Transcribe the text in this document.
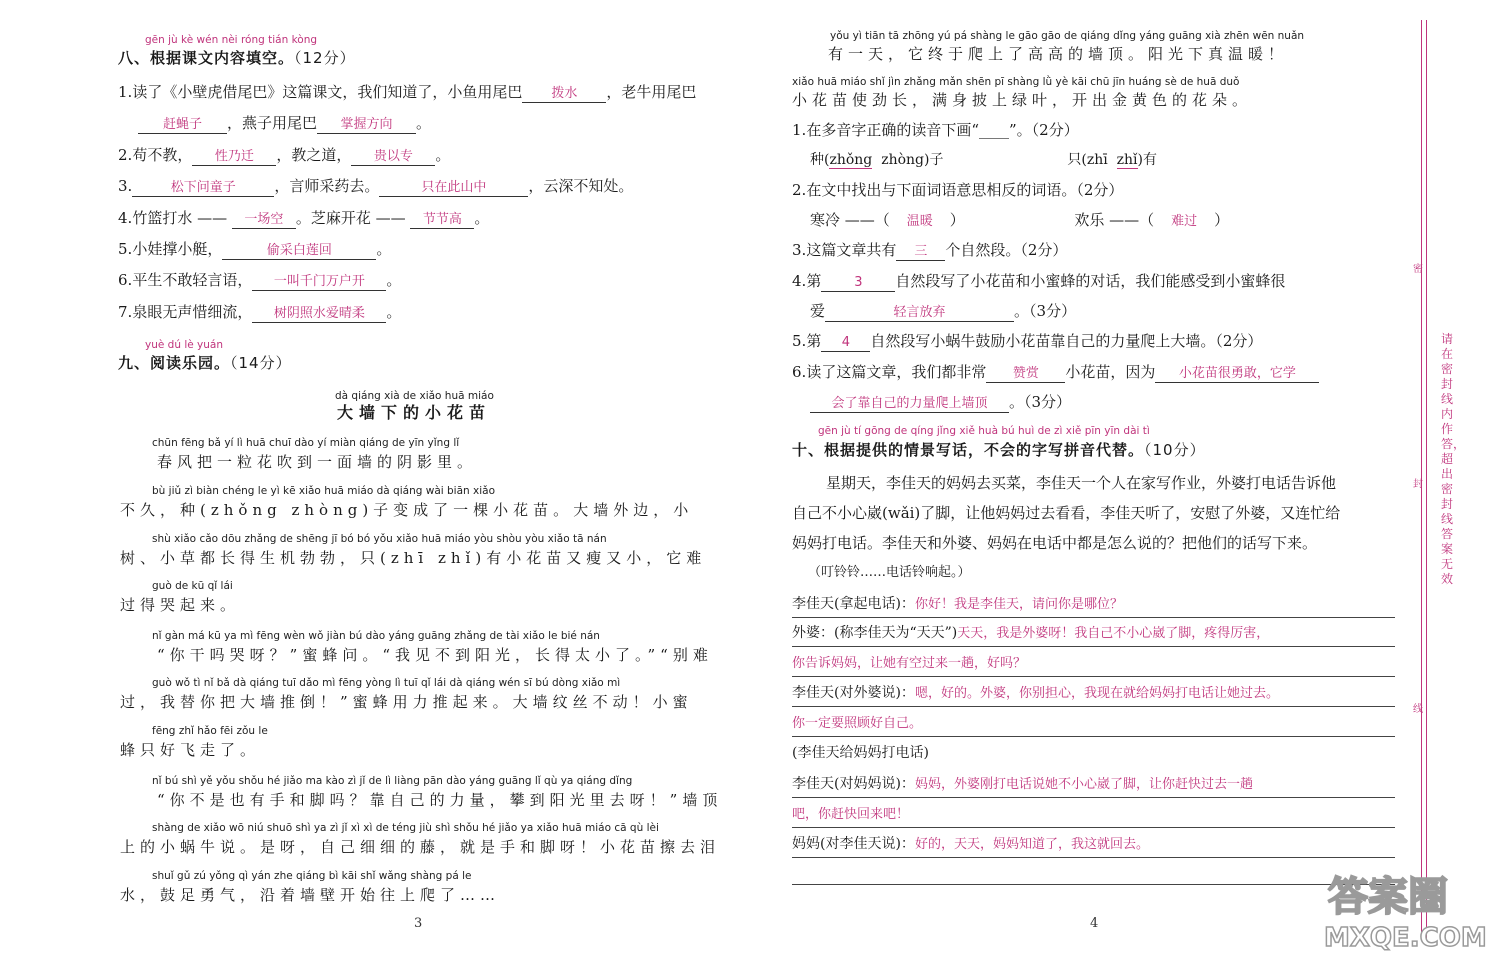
gēn jù kè wén nèi róng tián kòng
八、根据课文内容填空。（12分）
1.读了《小壁虎借尾巴》这篇课文，我们知道了，小鱼用尾巴 拨水 ，老牛用尾巴
赶蝇子 ，燕子用尾巴 掌握方向 。
2.苟不教， 性乃迁 ，教之道， 贵以专 。
3.	松下问童子	，言师采药去。	只在此山中	，云深不知处。
4.竹篮打水 —— 一场空 。芝麻开花 —— 节节高 。
5.小娃撑小艇，	偷采白莲回	。
6.平生不敢轻言语， 一叫千门万户开 。
7.泉眼无声惜细流， 树阴照水爱晴柔 。
yuè dú lè yuán
九、阅读乐园。（14分）
dà qiáng xià de xiǎo huā miáo
大墙下的小花苗
chūn fēng bǎ yí lì huā chuī dào yí miàn qiáng de yīn yǐng lǐ
春风把一粒花吹到一面墙的阴影里。
bù jiǔ zì biàn chéng le yì kē xiǎo huā miáo dà qiáng wài biān xiǎo
不久，种(zhǒng zhòng)子变成了一棵小花苗。大墙外边，小
shù xiǎo cǎo dōu zhǎng de shēng jī bó bó yǒu xiǎo huā miáo yòu shòu yòu xiǎo tā nán
树、小草都长得生机勃勃，只(zhī zhǐ)有小花苗又瘦又小，它难
guò de kū qǐ lái
过得哭起来。
nǐ gàn má kū ya mì fēng wèn wǒ jiàn bú dào yáng guāng zhǎng de tài xiǎo le bié nán
“你干吗哭呀？”蜜蜂问。“我见不到阳光，长得太小了。”“别难
guò wǒ tì nǐ bǎ dà qiáng tuī dǎo mì fēng yòng lì tuī qǐ lái dà qiáng wén sī bú dòng xiǎo mì
过，我替你把大墙推倒！”蜜蜂用力推起来。大墙纹丝不动！小蜜
fēng zhǐ hǎo fēi zǒu le
蜂只好飞走了。
nǐ bú shì yě yǒu shǒu hé jiǎo ma kào zì jǐ de lì liàng pān dào yáng guāng lǐ qù ya qiáng dǐng
“你不是也有手和脚吗？靠自己的力量，攀到阳光里去呀！”墙顶
shàng de xiǎo wō niú shuō shì ya zì jǐ xì xì de téng jiù shì shǒu hé jiǎo ya xiǎo huā miáo cā qù lèi
上的小蜗牛说。是呀，自己细细的藤，就是手和脚呀！小花苗擦去泪
shuǐ gǔ zú yǒng qì yán zhe qiáng bì kāi shǐ wǎng shàng pá le
水，鼓足勇气，沿着墙壁开始往上爬了……
3
yǒu yì tiān tā zhōng yú pá shàng le gāo gāo de qiáng dǐng yáng guāng xià zhēn wēn nuǎn
有一天，它终于爬上了高高的墙顶。阳光下真温暖！
xiǎo huā miáo shǐ jìn zhǎng mǎn shēn pī shàng lǜ yè kāi chū jīn huáng sè de huā duǒ
小花苗使劲长，满身披上绿叶，开出金黄色的花朵。
1.在多音字正确的读音下画“____”。（2分）
种(zhǒng zhòng)子	只(zhī zhǐ)有
2.在文中找出与下面词语意思相反的词语。（2分）
寒冷 ——（ 温暖 ）	欢乐 ——（ 难过 ）
3.这篇文章共有 三 个自然段。（2分）
4.第	3 自然段写了小花苗和小蜜蜂的对话，我们能感受到小蜜蜂很
爱	轻言放弃	。（3分）
5.第 4 自然段写小蜗牛鼓励小花苗靠自己的力量爬上大墙。（2分）
6.读了这篇文章，我们都非常 赞赏 小花苗，因为 小花苗很勇敢，它学
会了靠自己的力量爬上墙顶 。（3分）
gēn jù tí gōng de qíng jǐng xiě huà bú huì de zì xiě pīn yīn dài tì
十、根据提供的情景写话，不会的字写拼音代替。（10分）
星期天，李佳天的妈妈去买菜，李佳天一个人在家写作业，外婆打电话告诉他
自己不小心崴(wǎi)了脚，让他妈妈过去看看，李佳天听了，安慰了外婆，又连忙给
妈妈打电话。李佳天和外婆、妈妈在电话中都是怎么说的？把他们的话写下来。
（叮铃铃……电话铃响起。）
李佳天(拿起电话)：你好！我是李佳天，请问你是哪位？
外婆：(称李佳天为“天天”)天天，我是外婆呀！我自己不小心崴了脚，疼得厉害，
你告诉妈妈，让她有空过来一趟，好吗？
李佳天(对外婆说)：嗯，好的。外婆，你别担心，我现在就给妈妈打电话让她过去。
你一定要照顾好自己。
(李佳天给妈妈打电话)
李佳天(对妈妈说)：妈妈，外婆刚打电话说她不小心崴了脚，让你赶快过去一趟
吧，你赶快回来吧！
妈妈(对李佳天说)：好的，天天，妈妈知道了，我这就回去。
4
密
封
线
请在密封线内作答，超出密封线答案无效
答案圈
MXQE.COM
